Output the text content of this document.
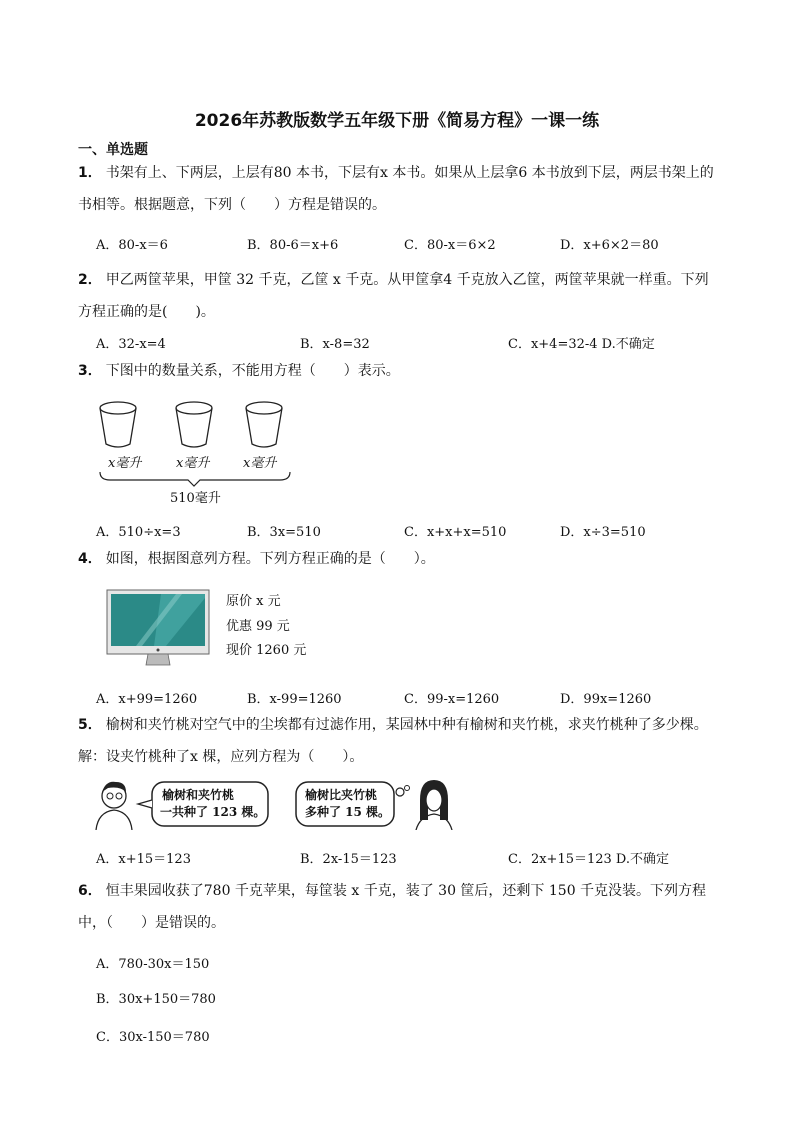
2026年苏教版数学五年级下册《简易方程》一课一练
一、单选题
1． 书架有上、下两层，上层有80 本书，下层有x 本书。如果从上层拿6 本书放到下层，两层书架上的书相等。根据题意，下列（　　）方程是错误的。
A．80-x＝6	B．80-6＝x+6	C．80-x＝6×2	D．x+6×2＝80
2． 甲乙两筐苹果，甲筐 32 千克，乙筐 x 千克。从甲筐拿4 千克放入乙筐，两筐苹果就一样重。下列方程正确的是(　　)。
A．32-x=4	B．x-8=32	C．x+4=32-4 D.不确定
3． 下图中的数量关系，不能用方程（　　）表示。
x毫升	x毫升	x毫升
510毫升
A．510÷x=3	B．3x=510	C．x+x+x=510	D．x÷3=510
4． 如图，根据图意列方程。下列方程正确的是（　　）。
原价 x 元
优惠 99 元
现价 1260 元
A．x+99=1260	B．x-99=1260	C．99-x=1260	D．99x=1260
5． 榆树和夹竹桃对空气中的尘埃都有过滤作用，某园林中种有榆树和夹竹桃，求夹竹桃种了多少棵。解：设夹竹桃种了x 棵，应列方程为（　　）。
榆树和夹竹桃
一共种了 123 棵。
榆树比夹竹桃
多种了 15 棵。
A．x+15＝123	B．2x-15＝123	C．2x+15＝123 D.不确定
6． 恒丰果园收获了780 千克苹果，每筐装 x 千克，装了 30 筐后，还剩下 150 千克没装。下列方程中，（　　）是错误的。
A．780-30x＝150
B．30x+150＝780
C．30x-150＝780
